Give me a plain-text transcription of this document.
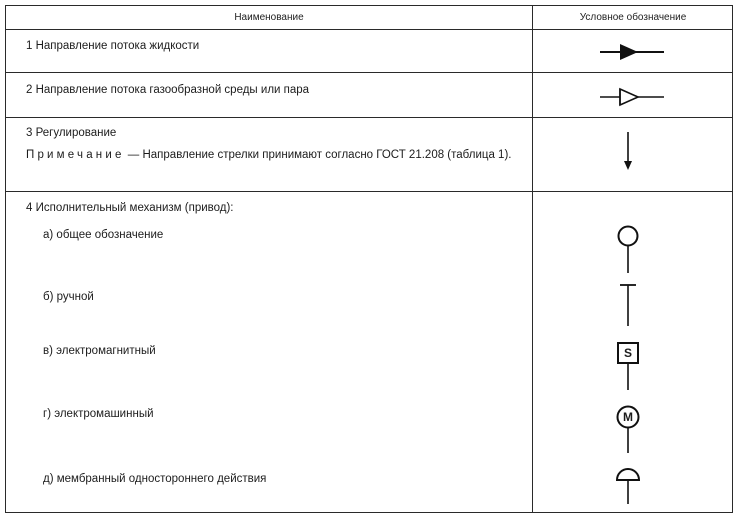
Наименование	Условное обозначение
1 Направление потока жидкости
2 Направление потока газообразной среды или пара
3 Регулирование
Примечание — Направление стрелки принимают согласно ГОСТ 21.208 (таблица 1).
4 Исполнительный механизм (привод):
а) общее обозначение
б) ручной
в) электромагнитный	S
г) электромашинный	M
д) мембранный одностороннего действия
